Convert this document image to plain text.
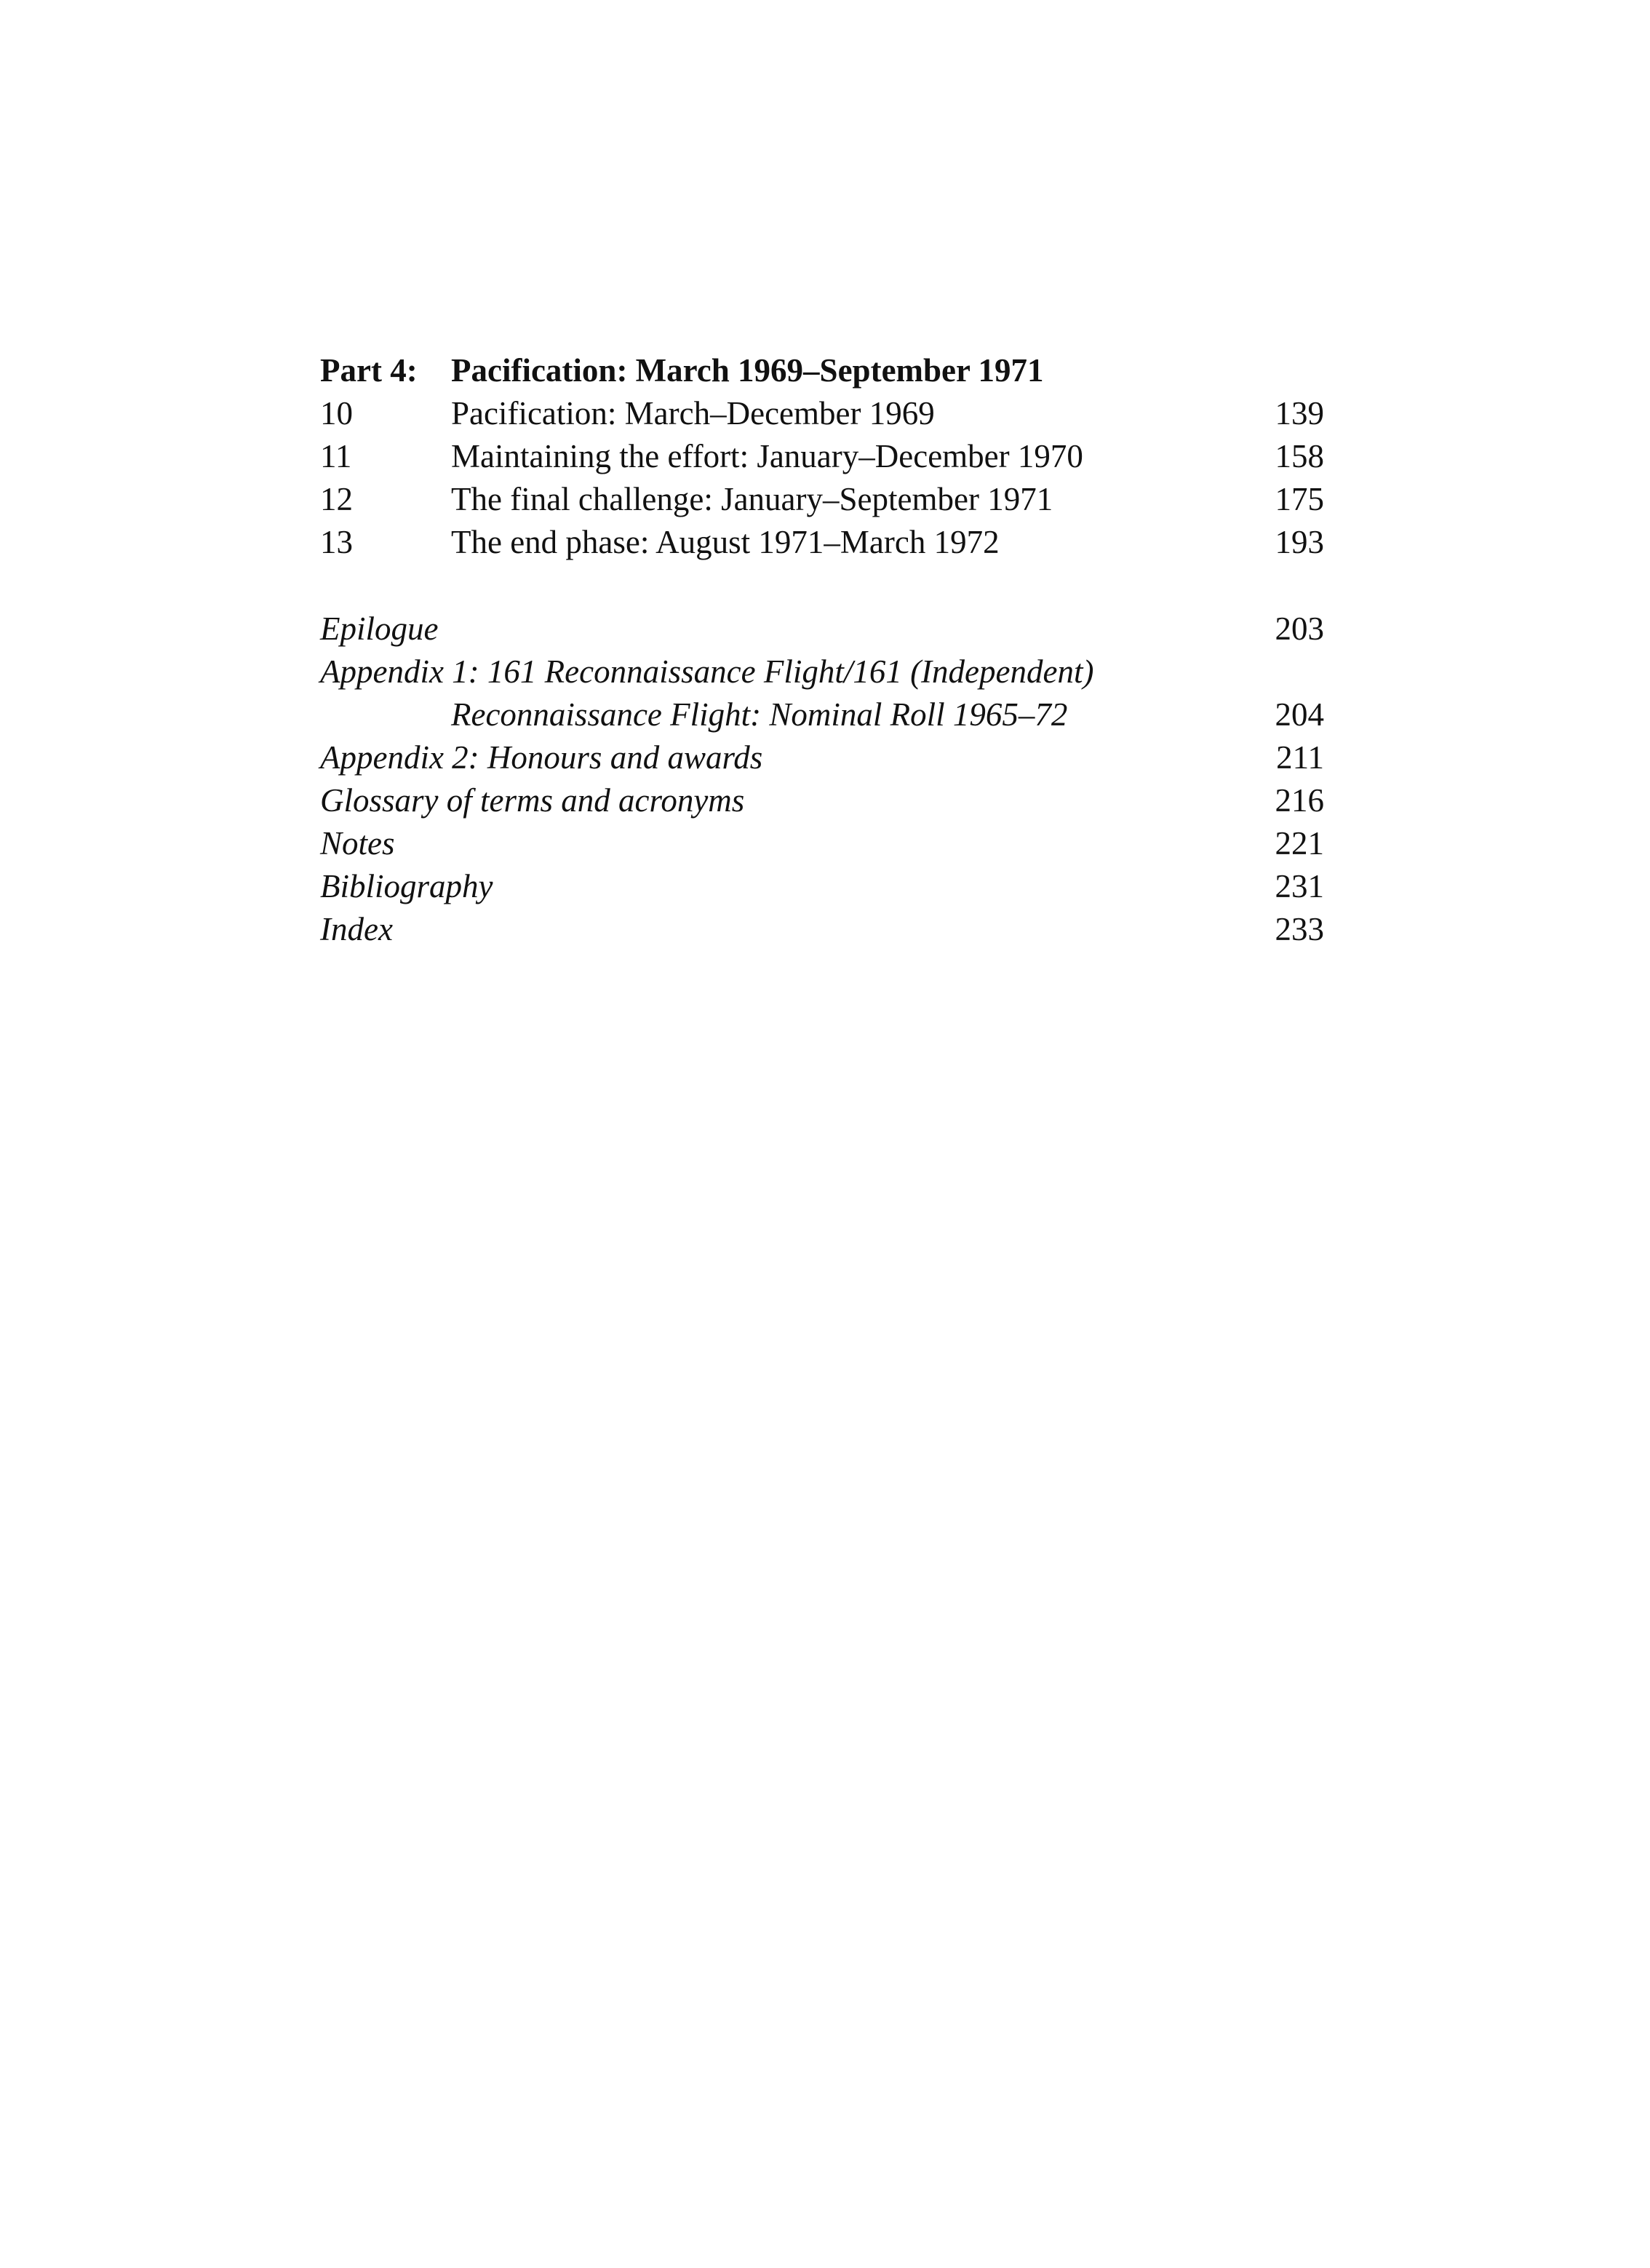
Part 4: Pacification: March 1969–September 1971
10	Pacification: March–December 1969	139
11	Maintaining the effort: January–December 1970	158
12	The final challenge: January–September 1971	175
13	The end phase: August 1971–March 1972	193
Epilogue	203
Appendix 1: 161 Reconnaissance Flight/161 (Independent)
Reconnaissance Flight: Nominal Roll 1965–72	204
Appendix 2: Honours and awards	211
Glossary of terms and acronyms	216
Notes	221
Bibliography	231
Index	233
